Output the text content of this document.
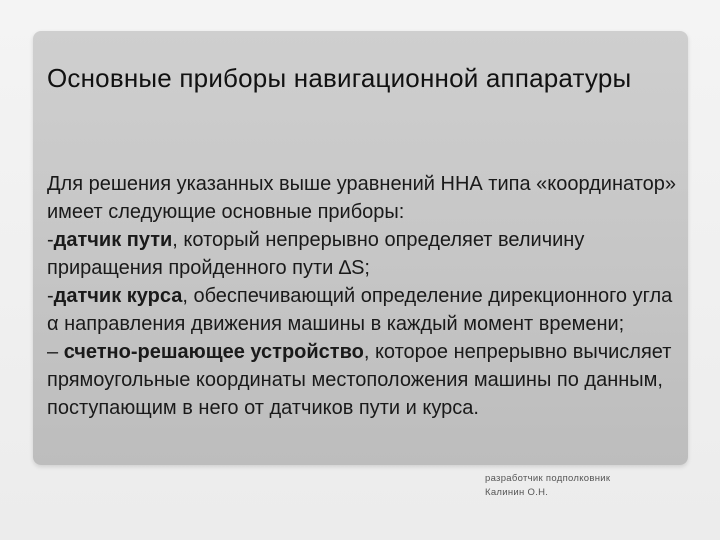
Основные приборы навигационной аппаратуры

Для решения указанных выше уравнений ННА типа «координатор» имеет следующие основные приборы:
-датчик пути, который непрерывно определяет величину приращения пройденного пути ∆S;
-датчик курса, обеспечивающий определение дирекционного угла α направления движения машины в каждый момент времени;
– счетно-решающее устройство, которое непрерывно вычисляет прямоугольные координаты местоположения машины по данным, поступающим в него от датчиков пути и курса.

разработчик подполковник
Калинин О.Н.
